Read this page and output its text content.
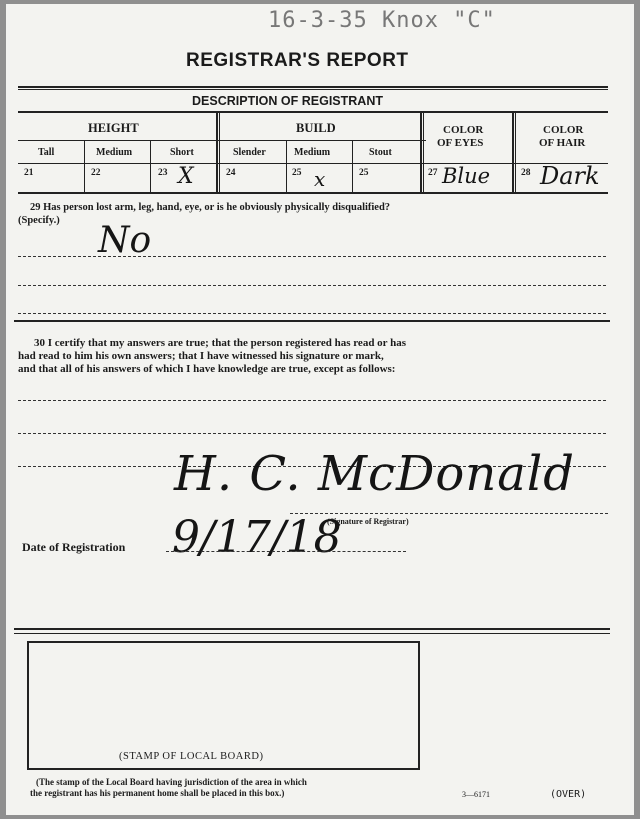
16-3-35 Knox "C"
REGISTRAR'S REPORT
DESCRIPTION OF REGISTRANT
HEIGHT	BUILD	COLOR
OF EYES
COLOR
OF HAIR
Tall	Medium	Short	Slender	Medium	Stout
21	22	23 X	24	25 x	25	27 Blue	28 Dark
29 Has person lost arm, leg, hand, eye, or is he obviously physically disqualified?
(Specify.) No
30 I certify that my answers are true; that the person registered has read or has
had read to him his own answers; that I have witnessed his signature or mark,
and that all of his answers of which I have knowledge are true, except as follows:
H. C. McDonald
(Signature of Registrar)
Date of Registration 9/17/18
(STAMP OF LOCAL BOARD)
(The stamp of the Local Board having jurisdiction of the area in which
the registrant has his permanent home shall be placed in this box.)	3—6171	(OVER)
